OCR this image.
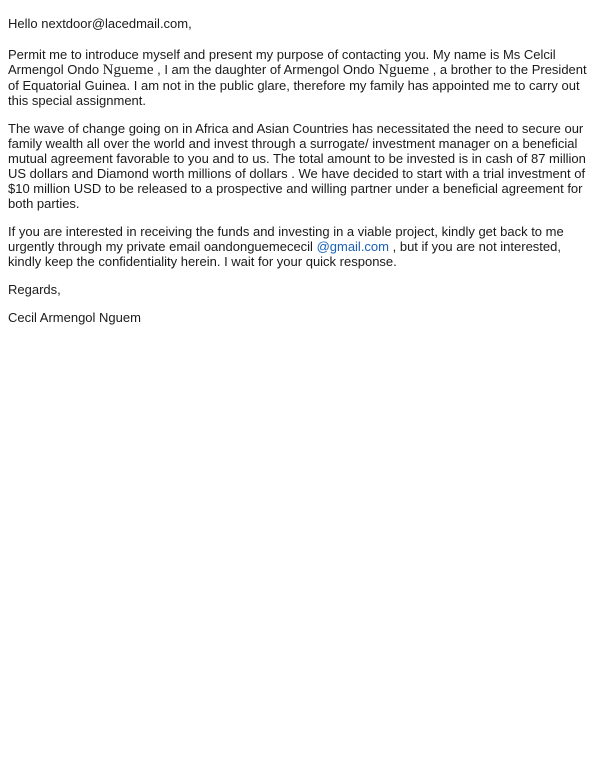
Hello nextdoor@lacedmail.com,
Permit me to introduce myself and present my purpose of contacting you. My name is Ms Celcil Armengol Ondo Ngueme , I am the daughter of Armengol Ondo Ngueme , a brother to the President of Equatorial Guinea. I am not in the public glare, therefore my family has appointed me to carry out this special assignment.
The wave of change going on in Africa and Asian Countries has necessitated the need to secure our family wealth all over the world and invest through a surrogate/ investment manager on a beneficial mutual agreement favorable to you and to us. The total amount to be invested is in cash of 87 million US dollars and Diamond worth millions of dollars . We have decided to start with a trial investment of $10 million USD to be released to a prospective and willing partner under a beneficial agreement for both parties.
If you are interested in receiving the funds and investing in a viable project, kindly get back to me urgently through my private email oandonguemececil @gmail.com , but if you are not interested, kindly keep the confidentiality herein. I wait for your quick response.
Regards,
Cecil Armengol Nguem
